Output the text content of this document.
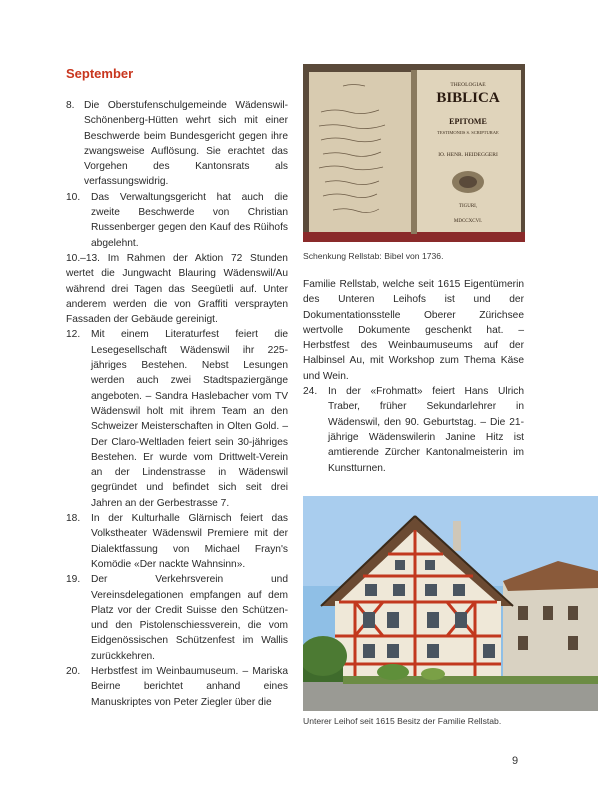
September

8. Die Oberstufenschulgemeinde Wädenswil-Schönenberg-Hütten wehrt sich mit einer Beschwerde beim Bundesgericht gegen ihre zwangsweise Auflösung. Sie erachtet das Vorgehen des Kantonsrats als verfassungswidrig.

10. Das Verwaltungsgericht hat auch die zweite Beschwerde von Christian Russenberger gegen den Kauf des Rüihofs abgelehnt.

10.–13. Im Rahmen der Aktion 72 Stunden wertet die Jungwacht Blauring Wädenswil/Au während drei Tagen das Seegüetli auf. Unter anderem werden die von Graffiti versprayten Fassaden der Gebäude gereinigt.

12. Mit einem Literaturfest feiert die Lesegesellschaft Wädenswil ihr 225-jähriges Bestehen. Nebst Lesungen werden auch zwei Stadtspaziergänge angeboten. – Sandra Haslebacher vom TV Wädenswil holt mit ihrem Team an den Schweizer Meisterschaften in Olten Gold. – Der Claro-Weltladen feiert sein 30-jähriges Bestehen. Er wurde vom Drittwelt-Verein an der Lindenstrasse in Wädenswil gegründet und befindet sich seit drei Jahren an der Gerbestrasse 7.

18. In der Kulturhalle Glärnisch feiert das Volkstheater Wädenswil Premiere mit der Dialektfassung von Michael Frayn's Komödie «Der nackte Wahnsinn».

19. Der Verkehrsverein und Vereinsdelegationen empfangen auf dem Platz vor der Credit Suisse den Schützen- und den Pistolenschiessverein, die vom Eidgenössischen Schützenfest im Wallis zurückkehren.

20. Herbstfest im Weinbaumuseum. – Mariska Beirne berichtet anhand eines Manuskriptes von Peter Ziegler über die

THEOLOGIAE
BIBLICA
EPITOME
TESTIMONIIS S. SCRIPTURAE
IO. HENR. HEIDEGGERI
TIGURI,
MDCCXCVI.
Schenkung Rellstab: Bibel von 1736.

Familie Rellstab, welche seit 1615 Eigentümerin des Unteren Leihofs ist und der Dokumentationsstelle Oberer Zürichsee wertvolle Dokumente geschenkt hat. – Herbstfest des Weinbaumuseums auf der Halbinsel Au, mit Workshop zum Thema Käse und Wein.

24. In der «Frohmatt» feiert Hans Ulrich Traber, früher Sekundarlehrer in Wädenswil, den 90. Geburtstag. – Die 21-jährige Wädenswilerin Janine Hitz ist amtierende Zürcher Kantonalmeisterin im Kunstturnen.

Unterer Leihof seit 1615 Besitz der Familie Rellstab.
9
